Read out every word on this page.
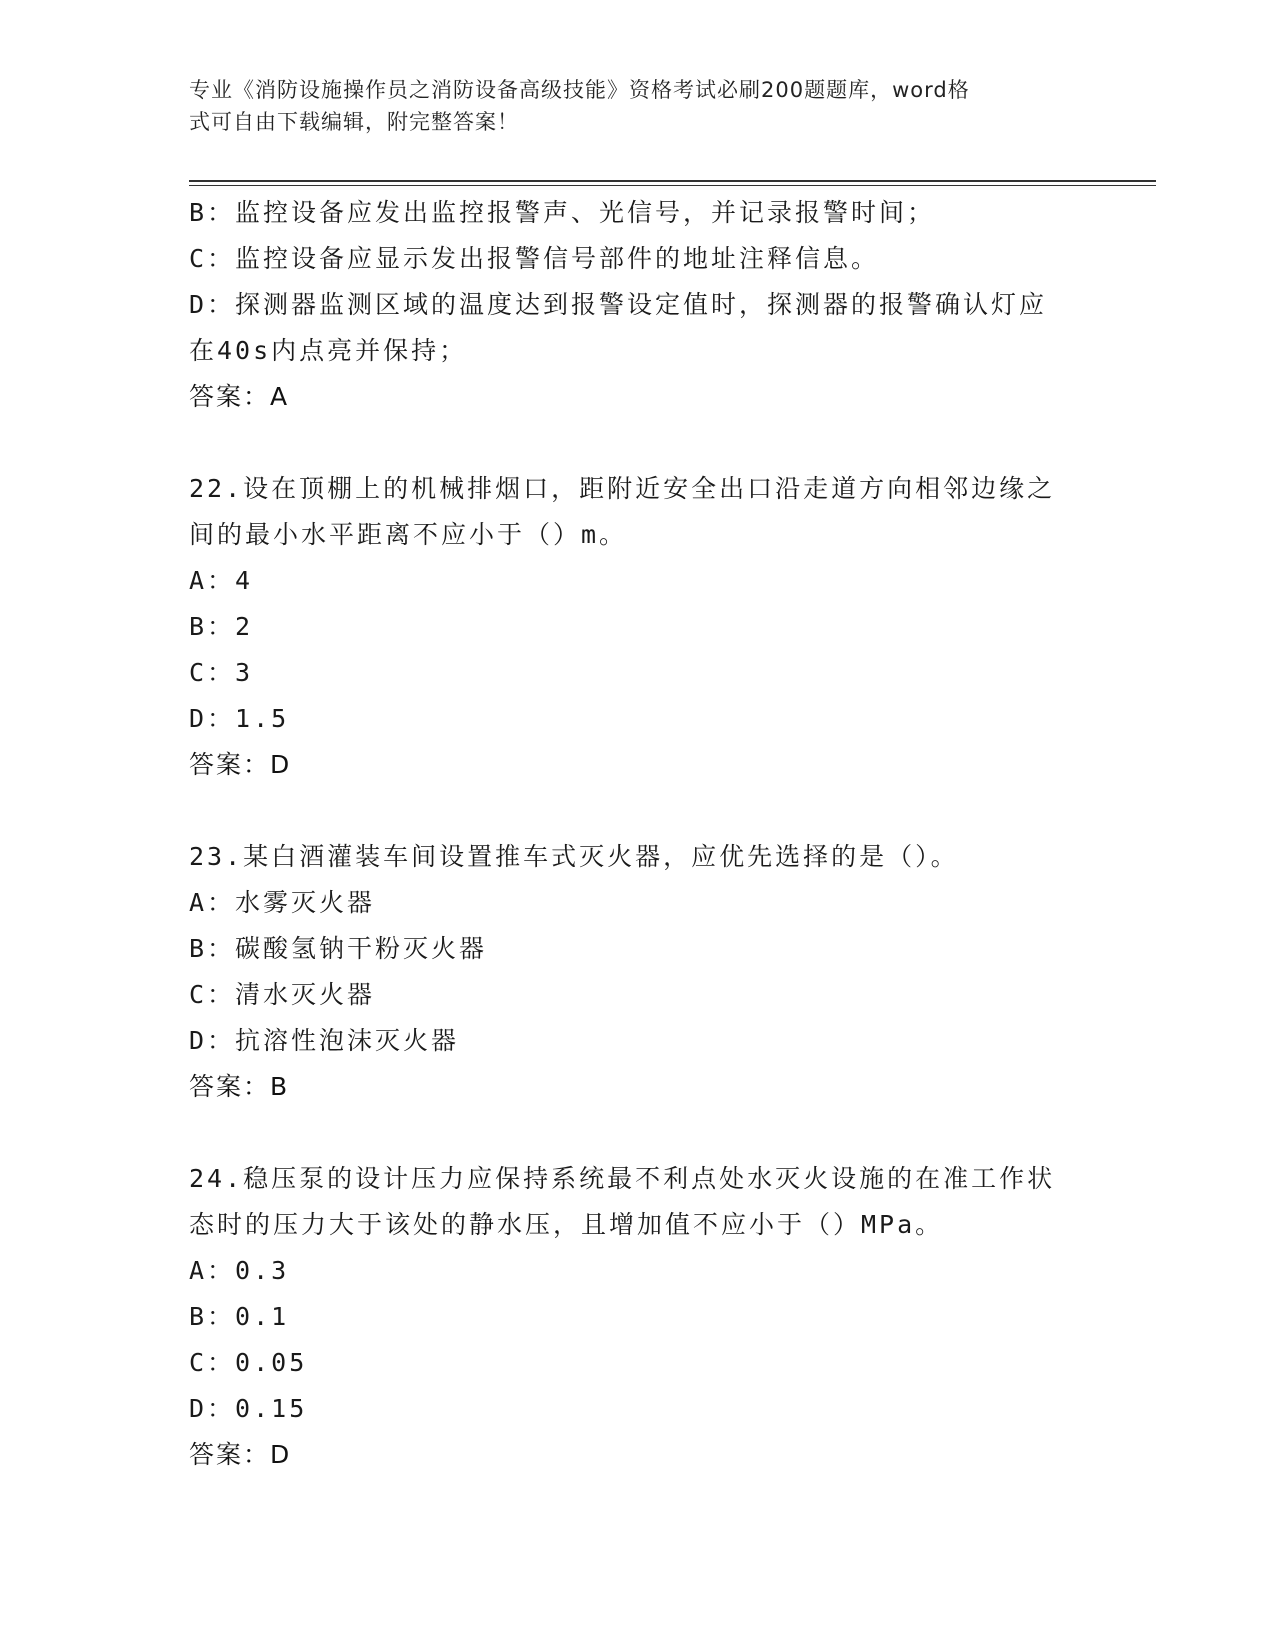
专业《消防设施操作员之消防设备高级技能》资格考试必刷200题题库，word格
式可自由下载编辑，附完整答案！
B：监控设备应发出监控报警声、光信号，并记录报警时间；
C：监控设备应显示发出报警信号部件的地址注释信息。
D：探测器监测区域的温度达到报警设定值时，探测器的报警确认灯应
在40s内点亮并保持；
答案：A
22.设在顶棚上的机械排烟口，距附近安全出口沿走道方向相邻边缘之
间的最小水平距离不应小于（）m。
A：4
B：2
C：3
D：1.5
答案：D
23.某白酒灌装车间设置推车式灭火器，应优先选择的是（）。
A：水雾灭火器
B：碳酸氢钠干粉灭火器
C：清水灭火器
D：抗溶性泡沫灭火器
答案：B
24.稳压泵的设计压力应保持系统最不利点处水灭火设施的在准工作状
态时的压力大于该处的静水压，且增加值不应小于（）MPa。
A：0.3
B：0.1
C：0.05
D：0.15
答案：D
